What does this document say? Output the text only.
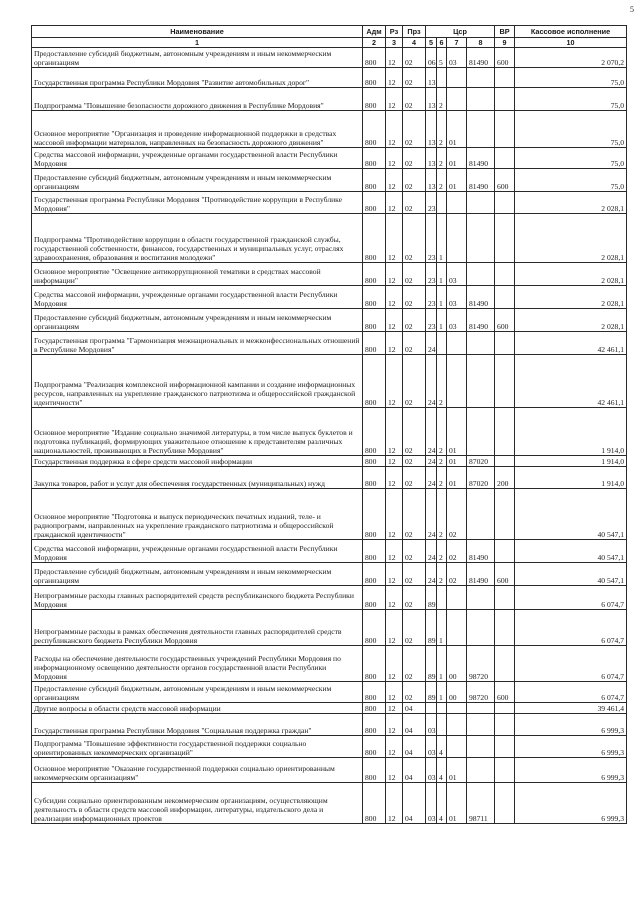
5
Наименование	Адм	Рз	Прз	Цср				ВР	Кассовое исполнение
1	2	3	4	5	6	7	8	9	10
Предоставление субсидий бюджетным, автономным учреждениям и иным некоммерческим организациям	800	12	02	06	5	03	81490	600	2 070,2
Государственная программа Республики Мордовия "Развитие автомобильных дорог"	800	12	02	13					75,0
Подпрограмма "Повышение безопасности дорожного движения в Республике Мордовия"	800	12	02	13	2				75,0
Основное мероприятие "Организация и проведение информационной поддержки в средствах массовой информации материалов, направленных на безопасность дорожного движения"	800	12	02	13	2	01			75,0
Средства массовой информации, учрежденные органами государственной власти Республики Мордовия	800	12	02	13	2	01	81490		75,0
Предоставление субсидий бюджетным, автономным учреждениям и иным некоммерческим организациям	800	12	02	13	2	01	81490	600	75,0
Государственная программа Республики Мордовия "Противодействие коррупции в Республике Мордовия"	800	12	02	23					2 028,1
Подпрограмма "Противодействие коррупции в области государственной гражданской службы, государственной собственности, финансов, государственных и муниципальных услуг, отраслях здравоохранения, образования и воспитания молодежи"	800	12	02	23	1				2 028,1
Основное мероприятие "Освещение антикоррупционной тематики в средствах массовой информации"	800	12	02	23	1	03			2 028,1
Средства массовой информации, учрежденные органами государственной власти Республики Мордовия	800	12	02	23	1	03	81490		2 028,1
Предоставление субсидий бюджетным, автономным учреждениям и иным некоммерческим организациям	800	12	02	23	1	03	81490	600	2 028,1
Государственная программа "Гармонизация межнациональных и межконфессиональных отношений в Республике Мордовия"	800	12	02	24					42 461,1
Подпрограмма "Реализация комплексной информационной кампании и создание информационных ресурсов, направленных на укрепление гражданского патриотизма и общероссийской гражданской идентичности"	800	12	02	24	2				42 461,1
Основное мероприятие "Издание социально значимой литературы, в том числе выпуск буклетов и подготовка публикаций, формирующих уважительное отношение к представителям различных национальностей, проживающих в Республике Мордовия"	800	12	02	24	2	01			1 914,0
Государственная поддержка в сфере средств массовой информации	800	12	02	24	2	01	87020		1 914,0
Закупка товаров, работ и услуг для обеспечения государственных (муниципальных) нужд	800	12	02	24	2	01	87020	200	1 914,0
Основное мероприятие "Подготовка и выпуск периодических печатных изданий, теле- и радиопрограмм, направленных на укрепление гражданского патриотизма и общероссийской гражданской идентичности"	800	12	02	24	2	02			40 547,1
Средства массовой информации, учрежденные органами государственной власти Республики Мордовия	800	12	02	24	2	02	81490		40 547,1
Предоставление субсидий бюджетным, автономным учреждениям и иным некоммерческим организациям	800	12	02	24	2	02	81490	600	40 547,1
Непрограммные расходы главных распорядителей средств республиканского бюджета Республики Мордовия	800	12	02	89					6 074,7
Непрограммные расходы в рамках обеспечения деятельности главных распорядителей средств республиканского бюджета Республики Мордовия	800	12	02	89	1				6 074,7
Расходы на обеспечение деятельности государственных учреждений Республики Мордовия по информационному освещению деятельности органов государственной власти Республики Мордовия	800	12	02	89	1	00	98720		6 074,7
Предоставление субсидий бюджетным, автономным учреждениям и иным некоммерческим организациям	800	12	02	89	1	00	98720	600	6 074,7
Другие вопросы в области средств массовой информации	800	12	04						39 461,4
Государственная программа Республики Мордовия "Социальная поддержка граждан"	800	12	04	03					6 999,3
Подпрограмма "Повышение эффективности государственной поддержки социально ориентированных некоммерческих организаций"	800	12	04	03	4				6 999,3
Основное мероприятие "Оказание государственной поддержки социально ориентированным некоммерческим организациям"	800	12	04	03	4	01			6 999,3
Субсидии социально ориентированным некоммерческим организациям, осуществляющим деятельность в области средств массовой информации, литературы, издательского дела и реализации информационных проектов	800	12	04	03	4	01	98711		6 999,3
